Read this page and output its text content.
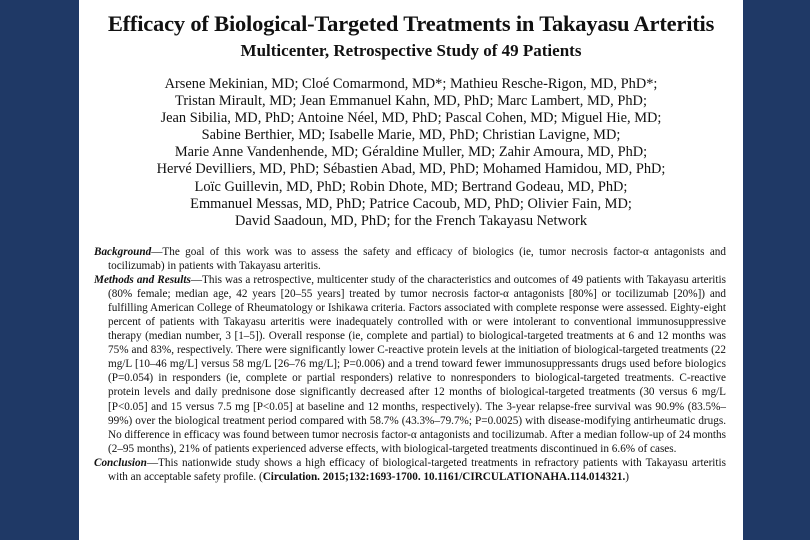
Efficacy of Biological-Targeted Treatments in Takayasu Arteritis
Multicenter, Retrospective Study of 49 Patients
Arsene Mekinian, MD; Cloé Comarmond, MD*; Mathieu Resche-Rigon, MD, PhD*;
Tristan Mirault, MD; Jean Emmanuel Kahn, MD, PhD; Marc Lambert, MD, PhD;
Jean Sibilia, MD, PhD; Antoine Néel, MD, PhD; Pascal Cohen, MD; Miguel Hie, MD;
Sabine Berthier, MD; Isabelle Marie, MD, PhD; Christian Lavigne, MD;
Marie Anne Vandenhende, MD; Géraldine Muller, MD; Zahir Amoura, MD, PhD;
Hervé Devilliers, MD, PhD; Sébastien Abad, MD, PhD; Mohamed Hamidou, MD, PhD;
Loïc Guillevin, MD, PhD; Robin Dhote, MD; Bertrand Godeau, MD, PhD;
Emmanuel Messas, MD, PhD; Patrice Cacoub, MD, PhD; Olivier Fain, MD;
David Saadoun, MD, PhD; for the French Takayasu Network

Background—The goal of this work was to assess the safety and efficacy of biologics (ie, tumor necrosis factor-α antagonists and tocilizumab) in patients with Takayasu arteritis.

Methods and Results—This was a retrospective, multicenter study of the characteristics and outcomes of 49 patients with Takayasu arteritis (80% female; median age, 42 years [20–55 years] treated by tumor necrosis factor-α antagonists [80%] or tocilizumab [20%]) and fulfilling American College of Rheumatology or Ishikawa criteria. Factors associated with complete response were assessed. Eighty-eight percent of patients with Takayasu arteritis were inadequately controlled with or were intolerant to conventional immunosuppressive therapy (median number, 3 [1–5]). Overall response (ie, complete and partial) to biological-targeted treatments at 6 and 12 months was 75% and 83%, respectively. There were significantly lower C-reactive protein levels at the initiation of biological-targeted treatments (22 mg/L [10–46 mg/L] versus 58 mg/L [26–76 mg/L]; P=0.006) and a trend toward fewer immunosuppressants drugs used before biologics (P=0.054) in responders (ie, complete or partial responders) relative to nonresponders to biological-targeted treatments. C-reactive protein levels and daily prednisone dose significantly decreased after 12 months of biological-targeted treatments (30 versus 6 mg/L [P<0.05] and 15 versus 7.5 mg [P<0.05] at baseline and 12 months, respectively). The 3-year relapse-free survival was 90.9% (83.5%–99%) over the biological treatment period compared with 58.7% (43.3%–79.7%; P=0.0025) with disease-modifying antirheumatic drugs. No difference in efficacy was found between tumor necrosis factor-α antagonists and tocilizumab. After a median follow-up of 24 months (2–95 months), 21% of patients experienced adverse effects, with biological-targeted treatments discontinued in 6.6% of cases.

Conclusion—This nationwide study shows a high efficacy of biological-targeted treatments in refractory patients with Takayasu arteritis with an acceptable safety profile. (Circulation. 2015;132:1693-1700. 10.1161/CIRCULATIONAHA.114.014321.)
